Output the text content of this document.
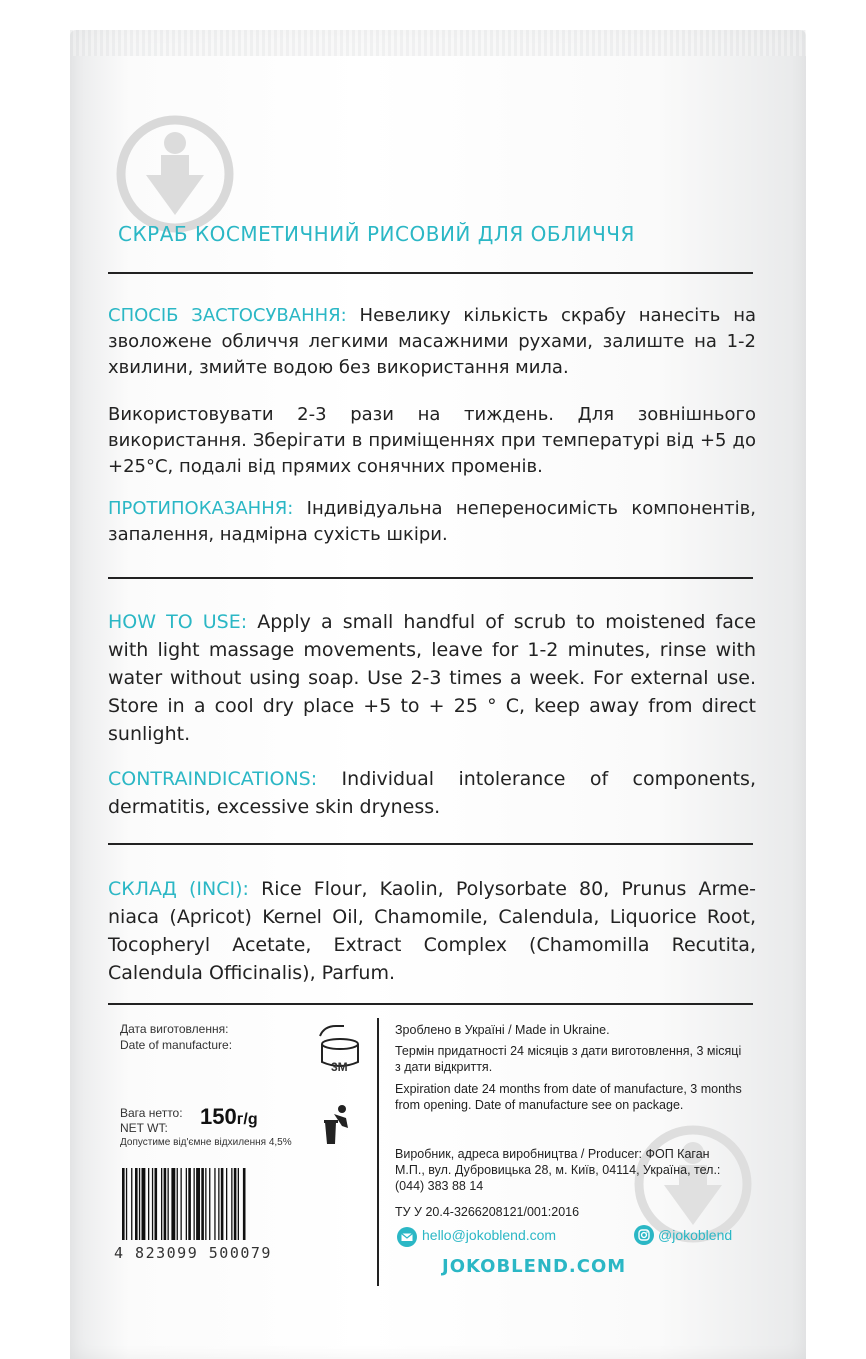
СКРАБ КОСМЕТИЧНИЙ РИСОВИЙ ДЛЯ ОБЛИЧЧЯ
СПОСІБ ЗАСТОСУВАННЯ: Невелику кількість скрабу нанесіть на зволожене обличчя легкими масажними рухами, залиште на 1-2 хвилини, змийте водою без використання мила.
Використовувати 2-3 рази на тиждень. Для зовнішнього використання. Зберігати в приміщеннях при температурі від +5 до +25°C, подалі від прямих сонячних променів.
ПРОТИПОКАЗАННЯ: Індивідуальна непереносимість компонентів, запалення, надмірна сухість шкіри.
HOW TO USE: Apply a small handful of scrub to moistened face with light massage movements, leave for 1-2 minutes, rinse with water without using soap. Use 2-3 times a week. For external use. Store in a cool dry place +5 to + 25 ° C, keep away from direct sunlight.
CONTRAINDICATIONS: Individual intolerance of components, dermatitis, excessive skin dryness.
СКЛАД (INCI): Rice Flour, Kaolin, Polysorbate 80, Prunus Arme-niaca (Apricot) Kernel Oil, Chamomile, Calendula, Liquorice Root, Tocopheryl Acetate, Extract Complex (Chamomilla Recutita, Calendula Officinalis), Parfum.
Дата виготовлення:
Date of manufacture:
3M
Вага нетто:
NET WT: 150г/g
Допустиме від'ємне відхилення 4,5%
4 823099 500079
Зроблено в Україні / Made in Ukraine.
Термін придатності 24 місяців з дати виготовлення, 3 місяці з дати відкриття.
Expiration date 24 months from date of manufacture, 3 months from opening. Date of manufacture see on package.
Виробник, адреса виробництва / Producer: ФОП Каган М.П., вул. Дубровицька 28, м. Київ, 04114, Україна, тел.: (044) 383 88 14
ТУ У 20.4-3266208121/001:2016
hello@jokoblend.com	@jokoblend
JOKOBLEND.COM
